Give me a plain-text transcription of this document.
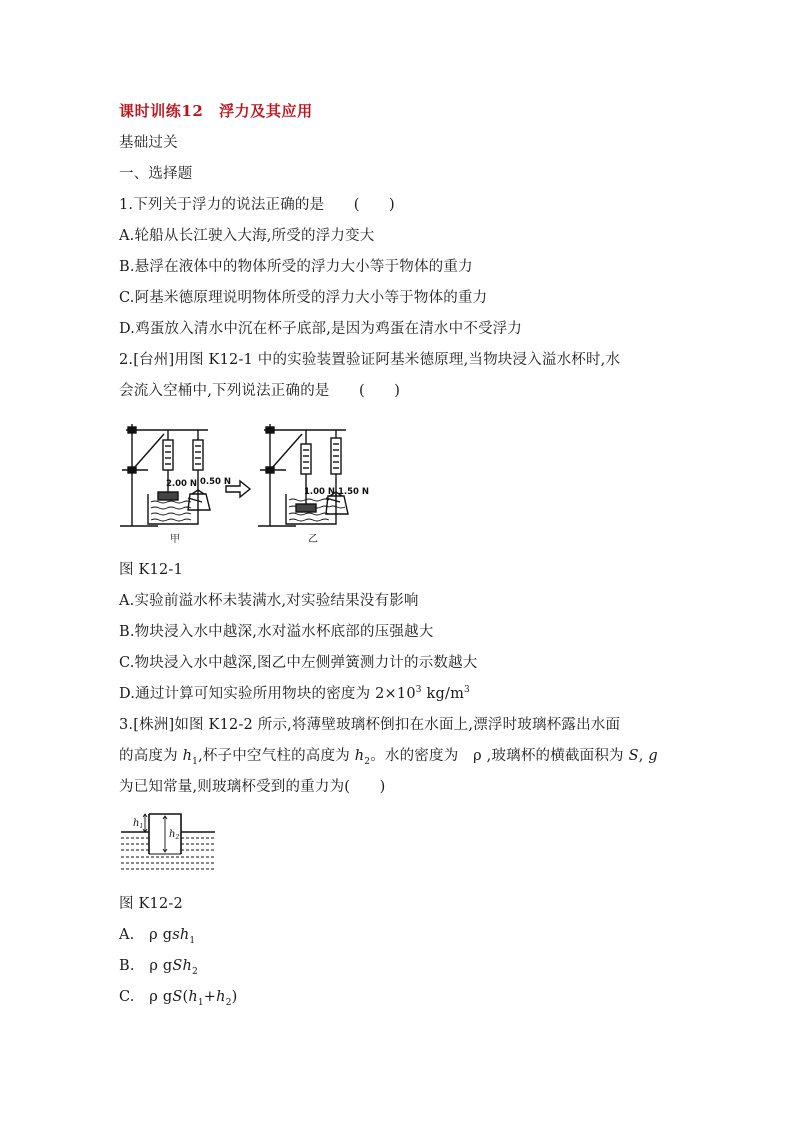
课时训练12　浮力及其应用

基础过关

一、选择题

1.下列关于浮力的说法正确的是　　(　　)

A.轮船从长江驶入大海,所受的浮力变大

B.悬浮在液体中的物体所受的浮力大小等于物体的重力

C.阿基米德原理说明物体所受的浮力大小等于物体的重力

D.鸡蛋放入清水中沉在杯子底部,是因为鸡蛋在清水中不受浮力

2.[台州]用图 K12-1 中的实验装置验证阿基米德原理,当物块浸入溢水杯时,水

会流入空桶中,下列说法正确的是　　(　　)

2.00 N 0.50 N
1.00 N 1.50 N
甲	乙

图 K12-1

A.实验前溢水杯未装满水,对实验结果没有影响

B.物块浸入水中越深,水对溢水杯底部的压强越大

C.物块浸入水中越深,图乙中左侧弹簧测力计的示数越大

D.通过计算可知实验所用物块的密度为 $2\times 10^3$ $kg/m^3$

3.[株洲]如图 K12-2 所示,将薄壁玻璃杯倒扣在水面上,漂浮时玻璃杯露出水面

的高度为 $h_1$,杯子中空气柱的高度为 $h_2$。水的密度为　ρ ,玻璃杯的横截面积为 S, g

为已知常量,则玻璃杯受到的重力为(　　)

$h_1$
$h_2$

图 K12-2

A.　ρ gsh$_1$

B.　ρ gSh$_2$

C.　ρ $gS(h_1+h_2)$
